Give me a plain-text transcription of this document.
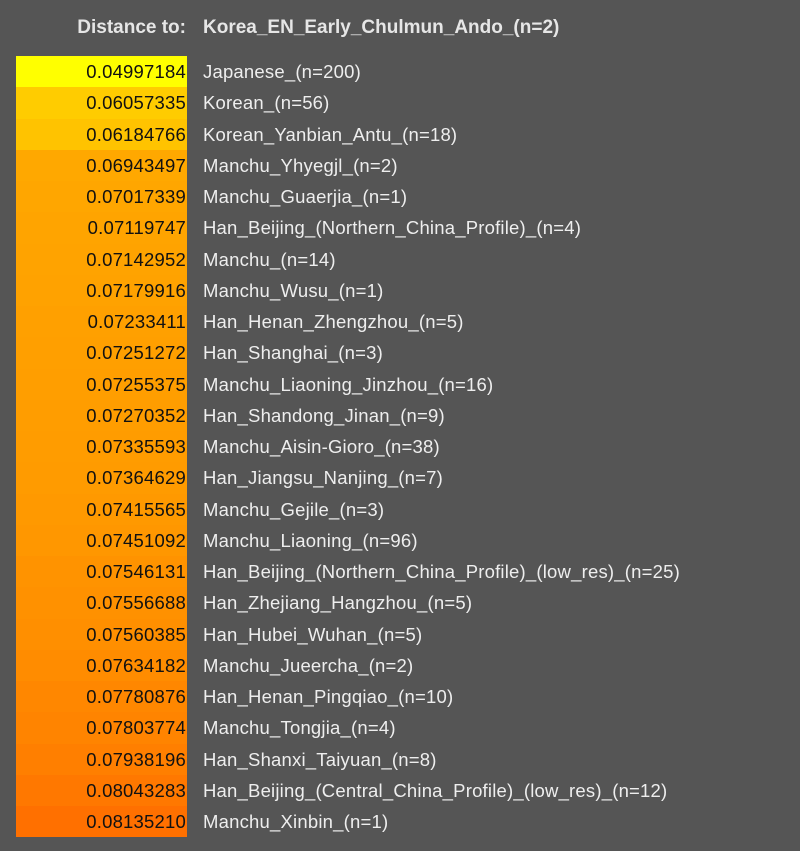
Distance to: Korea_EN_Early_Chulmun_Ando_(n=2)
0.04997184 Japanese_(n=200)
0.06057335 Korean_(n=56)
0.06184766 Korean_Yanbian_Antu_(n=18)
0.06943497 Manchu_Yhyegjl_(n=2)
0.07017339 Manchu_Guaerjia_(n=1)
0.07119747 Han_Beijing_(Northern_China_Profile)_(n=4)
0.07142952 Manchu_(n=14)
0.07179916 Manchu_Wusu_(n=1)
0.07233411 Han_Henan_Zhengzhou_(n=5)
0.07251272 Han_Shanghai_(n=3)
0.07255375 Manchu_Liaoning_Jinzhou_(n=16)
0.07270352 Han_Shandong_Jinan_(n=9)
0.07335593 Manchu_Aisin-Gioro_(n=38)
0.07364629 Han_Jiangsu_Nanjing_(n=7)
0.07415565 Manchu_Gejile_(n=3)
0.07451092 Manchu_Liaoning_(n=96)
0.07546131 Han_Beijing_(Northern_China_Profile)_(low_res)_(n=25)
0.07556688 Han_Zhejiang_Hangzhou_(n=5)
0.07560385 Han_Hubei_Wuhan_(n=5)
0.07634182 Manchu_Jueercha_(n=2)
0.07780876 Han_Henan_Pingqiao_(n=10)
0.07803774 Manchu_Tongjia_(n=4)
0.07938196 Han_Shanxi_Taiyuan_(n=8)
0.08043283 Han_Beijing_(Central_China_Profile)_(low_res)_(n=12)
0.08135210 Manchu_Xinbin_(n=1)
